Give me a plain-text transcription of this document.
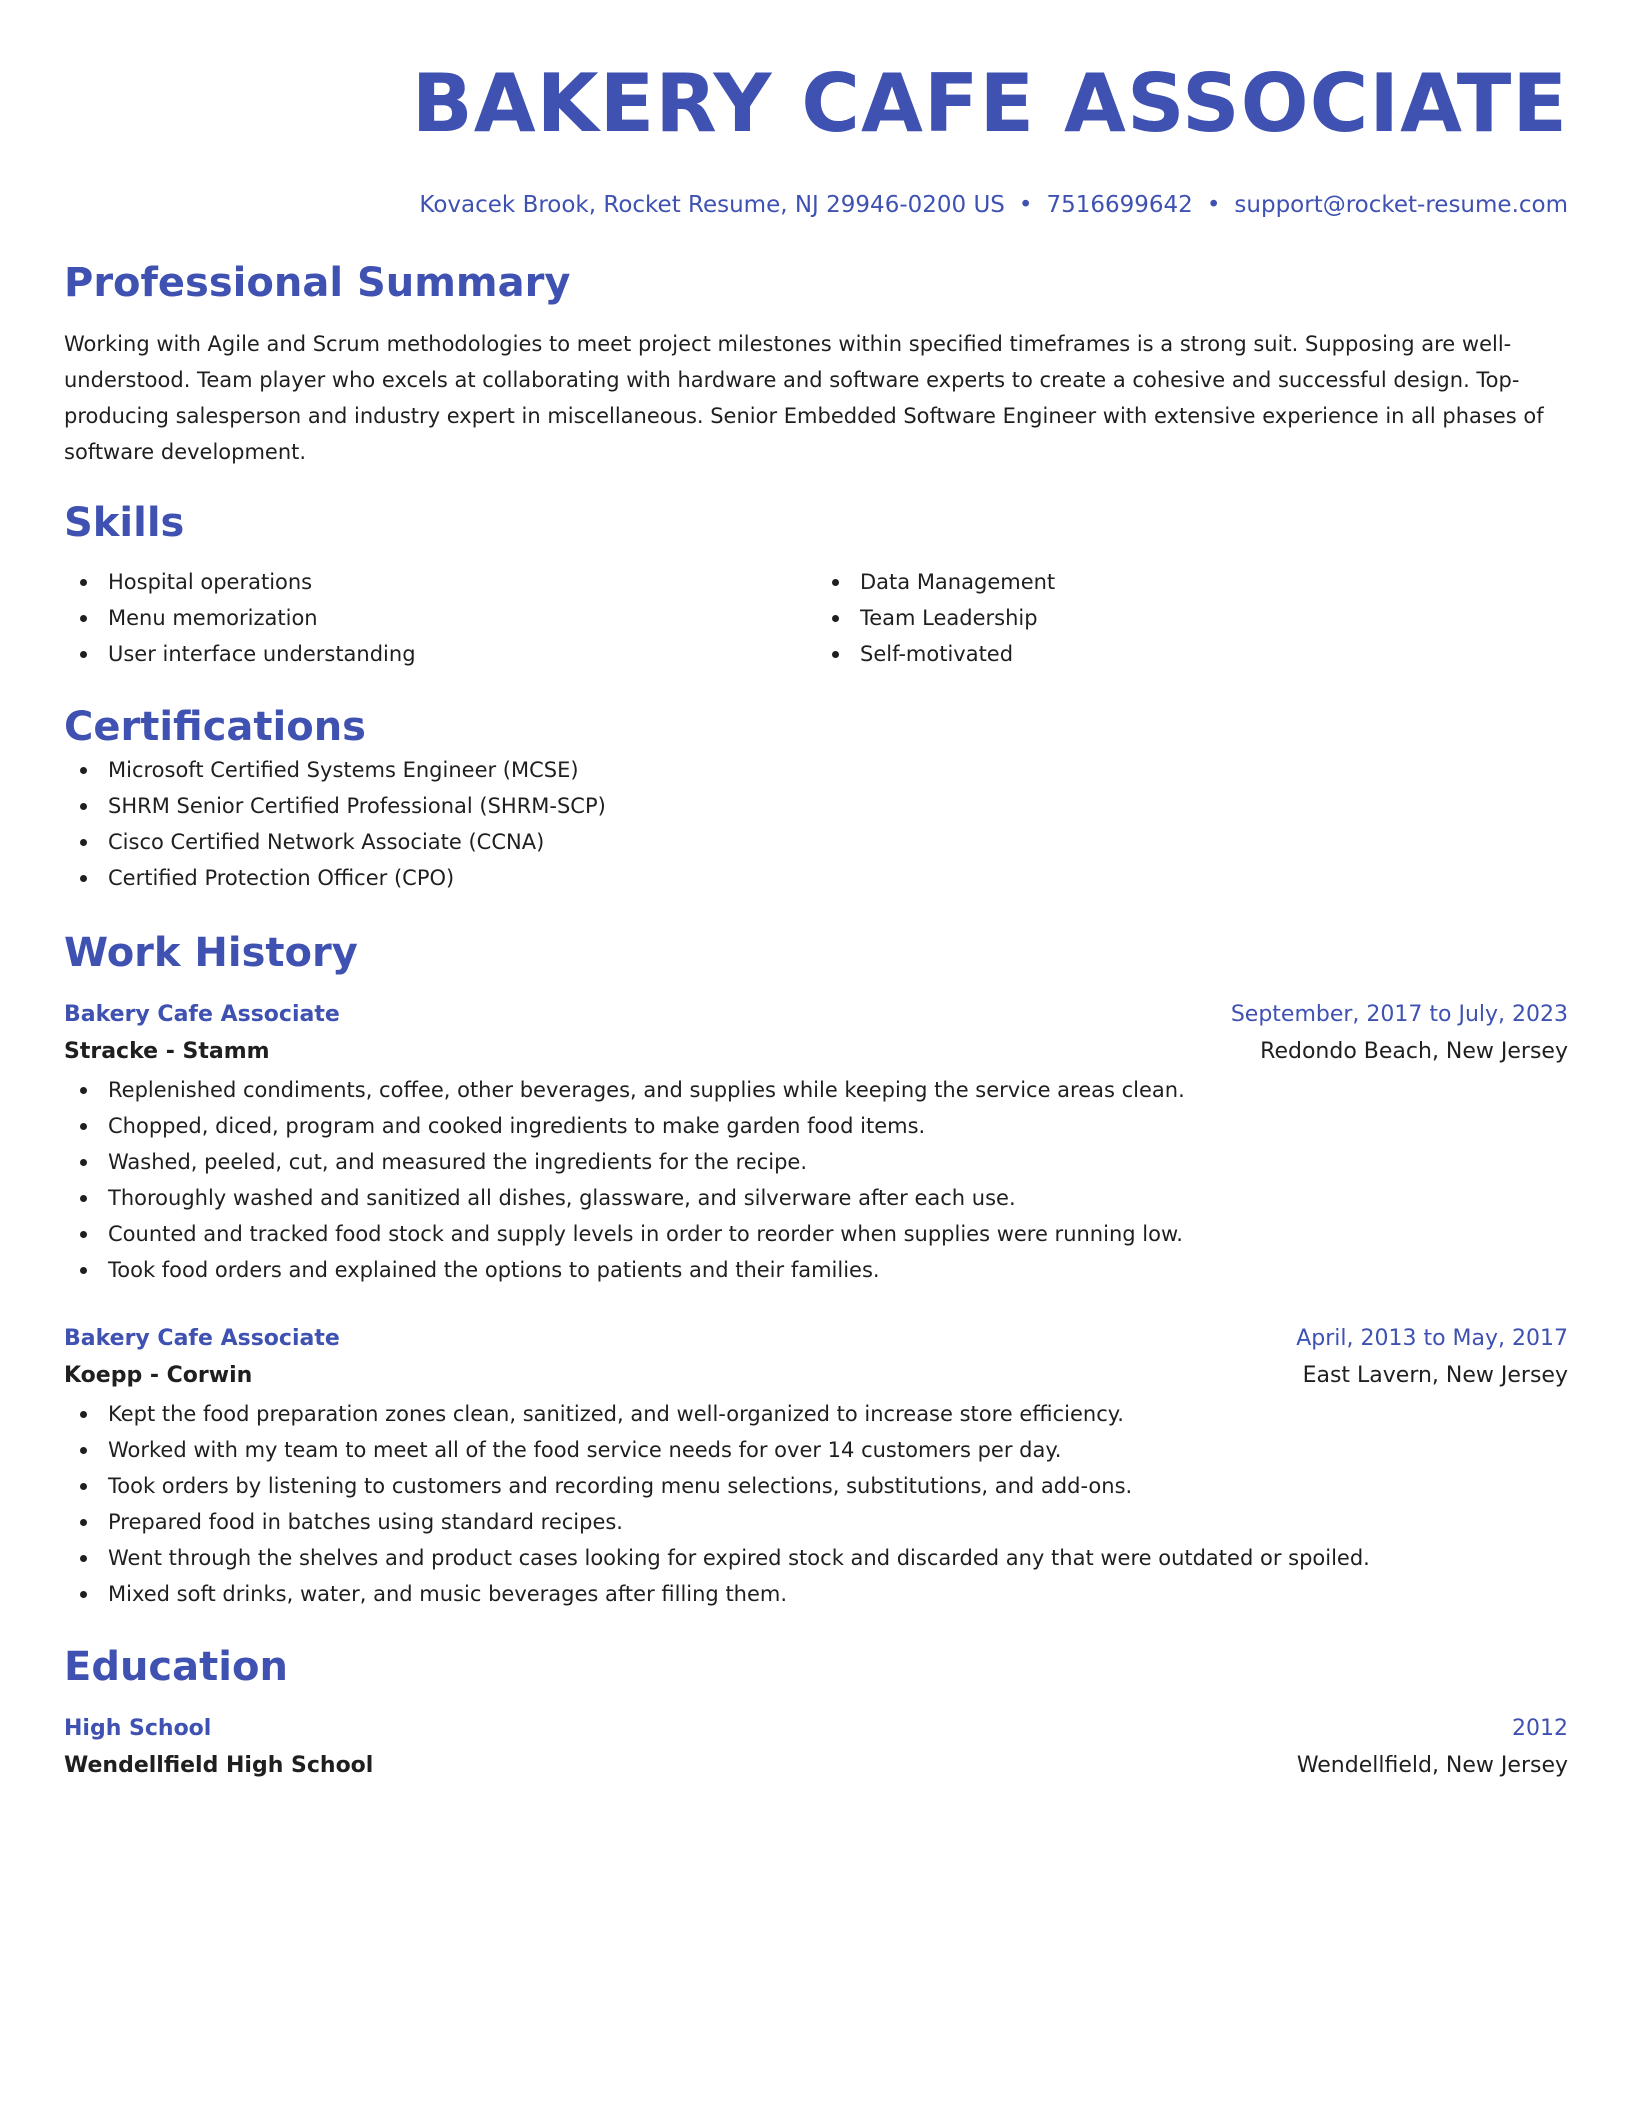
BAKERY CAFE ASSOCIATE
Kovacek Brook, Rocket Resume, NJ 29946-0200 US • 7516699642 • support@rocket-resume.com
Professional Summary
Working with Agile and Scrum methodologies to meet project milestones within specified timeframes is a strong suit. Supposing are well-understood. Team player who excels at collaborating with hardware and software experts to create a cohesive and successful design. Top-producing salesperson and industry expert in miscellaneous. Senior Embedded Software Engineer with extensive experience in all phases of software development.
Skills
Hospital operations
Menu memorization
User interface understanding
Data Management
Team Leadership
Self-motivated
Certifications
Microsoft Certified Systems Engineer (MCSE)
SHRM Senior Certified Professional (SHRM-SCP)
Cisco Certified Network Associate (CCNA)
Certified Protection Officer (CPO)
Work History
Bakery Cafe Associate	September, 2017 to July, 2023
Stracke - Stamm	Redondo Beach, New Jersey
Replenished condiments, coffee, other beverages, and supplies while keeping the service areas clean.
Chopped, diced, program and cooked ingredients to make garden food items.
Washed, peeled, cut, and measured the ingredients for the recipe.
Thoroughly washed and sanitized all dishes, glassware, and silverware after each use.
Counted and tracked food stock and supply levels in order to reorder when supplies were running low.
Took food orders and explained the options to patients and their families.
Bakery Cafe Associate	April, 2013 to May, 2017
Koepp - Corwin	East Lavern, New Jersey
Kept the food preparation zones clean, sanitized, and well-organized to increase store efficiency.
Worked with my team to meet all of the food service needs for over 14 customers per day.
Took orders by listening to customers and recording menu selections, substitutions, and add-ons.
Prepared food in batches using standard recipes.
Went through the shelves and product cases looking for expired stock and discarded any that were outdated or spoiled.
Mixed soft drinks, water, and music beverages after filling them.
Education
High School	2012
Wendellfield High School	Wendellfield, New Jersey
